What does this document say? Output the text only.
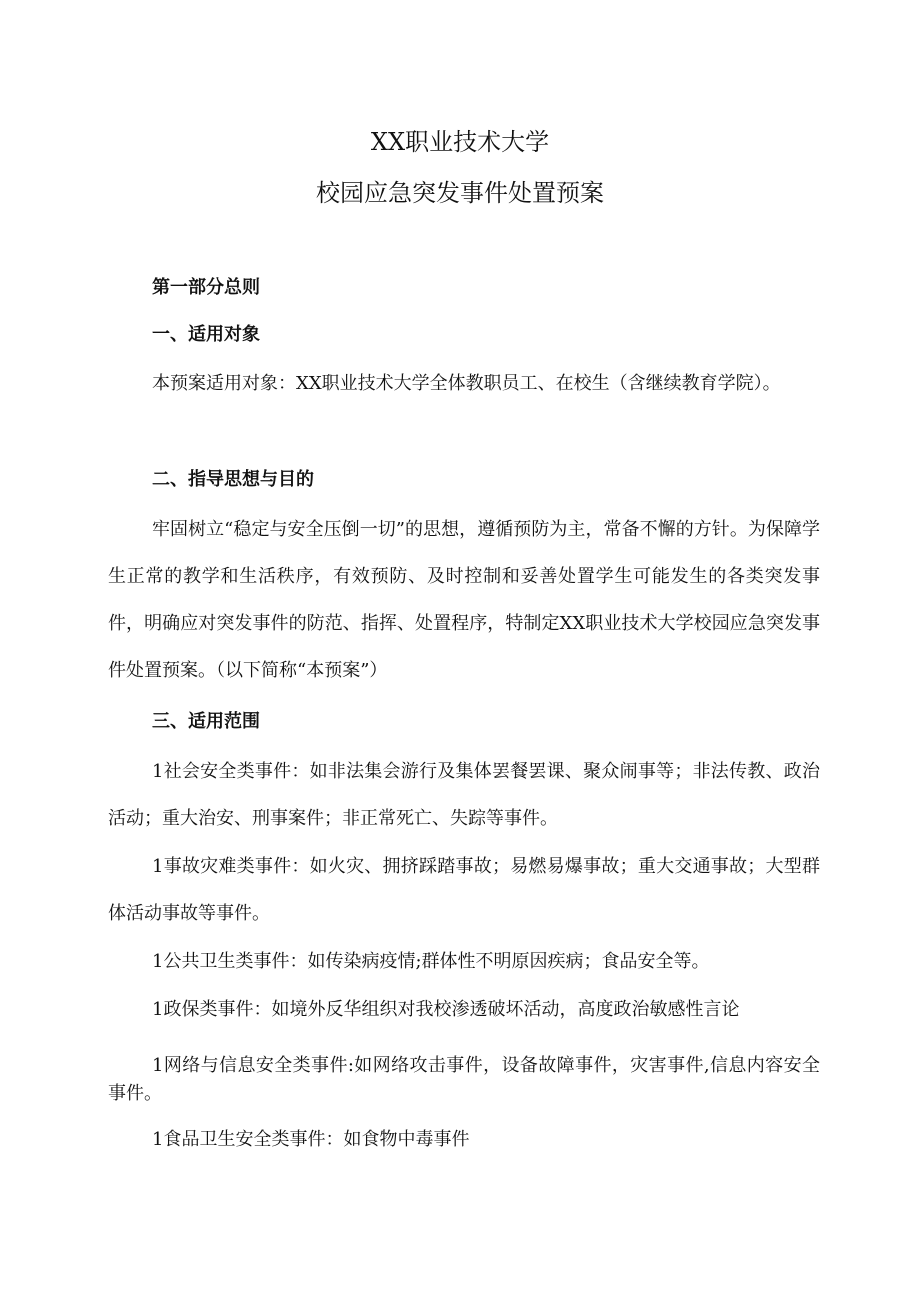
XX职业技术大学
校园应急突发事件处置预案
第一部分总则
一、适用对象
本预案适用对象：XX职业技术大学全体教职员工、在校生（含继续教育学院）。
二、指导思想与目的
牢固树立“稳定与安全压倒一切”的思想，遵循预防为主，常备不懈的方针。为保障学生正常的教学和生活秩序，有效预防、及时控制和妥善处置学生可能发生的各类突发事件，明确应对突发事件的防范、指挥、处置程序，特制定XX职业技术大学校园应急突发事件处置预案。（以下简称“本预案”）
三、适用范围
1社会安全类事件：如非法集会游行及集体罢餐罢课、聚众闹事等；非法传教、政治活动；重大治安、刑事案件；非正常死亡、失踪等事件。
1事故灾难类事件：如火灾、拥挤踩踏事故；易燃易爆事故；重大交通事故；大型群体活动事故等事件。
1公共卫生类事件：如传染病疫情;群体性不明原因疾病；食品安全等。
1政保类事件：如境外反华组织对我校渗透破坏活动，高度政治敏感性言论
1网络与信息安全类事件:如网络攻击事件，设备故障事件，灾害事件,信息内容安全事件。
1食品卫生安全类事件：如食物中毒事件
